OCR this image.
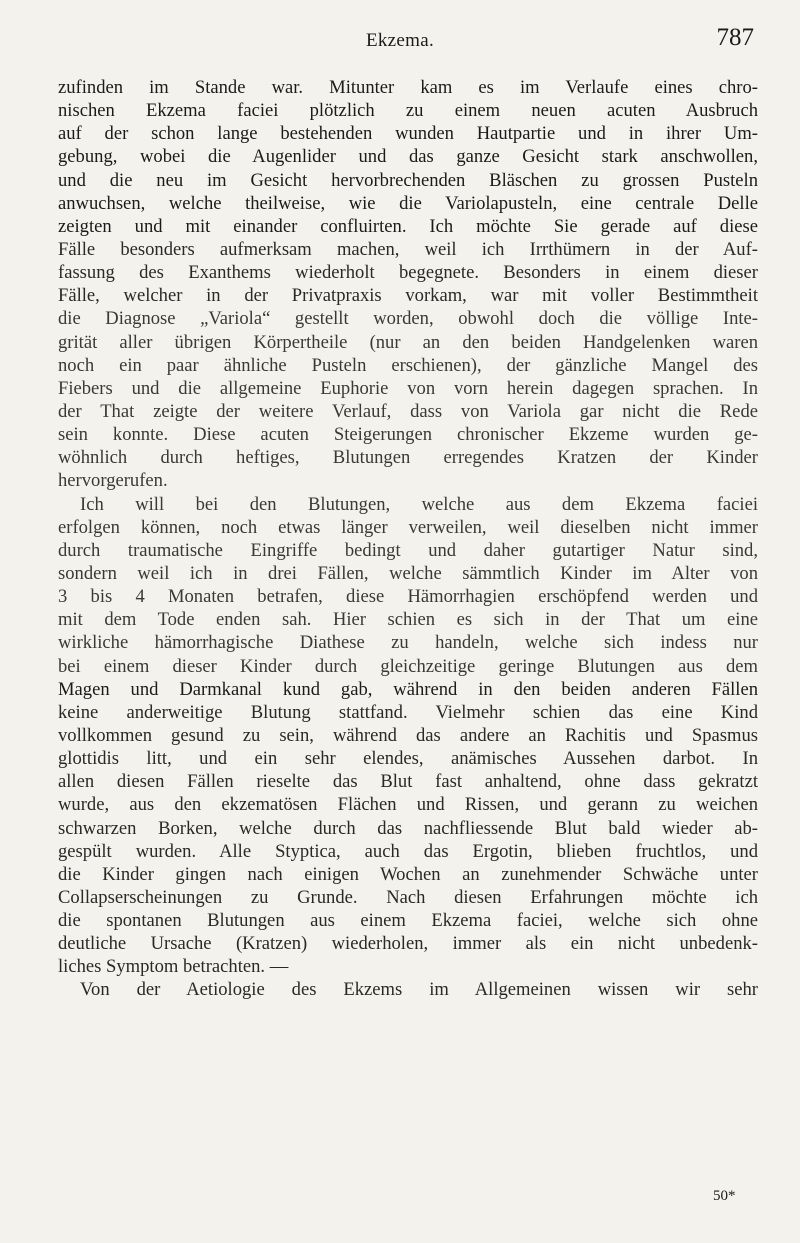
Ekzema.	787
zufinden im Stande war. Mitunter kam es im Verlaufe eines chro-
nischen Ekzema faciei plötzlich zu einem neuen acuten Ausbruch
auf der schon lange bestehenden wunden Hautpartie und in ihrer Um-
gebung, wobei die Augenlider und das ganze Gesicht stark anschwollen,
und die neu im Gesicht hervorbrechenden Bläschen zu grossen Pusteln
anwuchsen, welche theilweise, wie die Variolapusteln, eine centrale Delle
zeigten und mit einander confluirten. Ich möchte Sie gerade auf diese
Fälle besonders aufmerksam machen, weil ich Irrthümern in der Auf-
fassung des Exanthems wiederholt begegnete. Besonders in einem dieser
Fälle, welcher in der Privatpraxis vorkam, war mit voller Bestimmtheit
die Diagnose „Variola“ gestellt worden, obwohl doch die völlige Inte-
grität aller übrigen Körpertheile (nur an den beiden Handgelenken waren
noch ein paar ähnliche Pusteln erschienen), der gänzliche Mangel des
Fiebers und die allgemeine Euphorie von vorn herein dagegen sprachen. In
der That zeigte der weitere Verlauf, dass von Variola gar nicht die Rede
sein konnte. Diese acuten Steigerungen chronischer Ekzeme wurden ge-
wöhnlich durch heftiges, Blutungen erregendes Kratzen der Kinder
hervorgerufen.
Ich will bei den Blutungen, welche aus dem Ekzema faciei
erfolgen können, noch etwas länger verweilen, weil dieselben nicht immer
durch traumatische Eingriffe bedingt und daher gutartiger Natur sind,
sondern weil ich in drei Fällen, welche sämmtlich Kinder im Alter von
3 bis 4 Monaten betrafen, diese Hämorrhagien erschöpfend werden und
mit dem Tode enden sah. Hier schien es sich in der That um eine
wirkliche hämorrhagische Diathese zu handeln, welche sich indess nur
bei einem dieser Kinder durch gleichzeitige geringe Blutungen aus dem
Magen und Darmkanal kund gab, während in den beiden anderen Fällen
keine anderweitige Blutung stattfand. Vielmehr schien das eine Kind
vollkommen gesund zu sein, während das andere an Rachitis und Spasmus
glottidis litt, und ein sehr elendes, anämisches Aussehen darbot. In
allen diesen Fällen rieselte das Blut fast anhaltend, ohne dass gekratzt
wurde, aus den ekzematösen Flächen und Rissen, und gerann zu weichen
schwarzen Borken, welche durch das nachfliessende Blut bald wieder ab-
gespült wurden. Alle Styptica, auch das Ergotin, blieben fruchtlos, und
die Kinder gingen nach einigen Wochen an zunehmender Schwäche unter
Collapserscheinungen zu Grunde. Nach diesen Erfahrungen möchte ich
die spontanen Blutungen aus einem Ekzema faciei, welche sich ohne
deutliche Ursache (Kratzen) wiederholen, immer als ein nicht unbedenk-
liches Symptom betrachten. —
Von der Aetiologie des Ekzems im Allgemeinen wissen wir sehr
50*
